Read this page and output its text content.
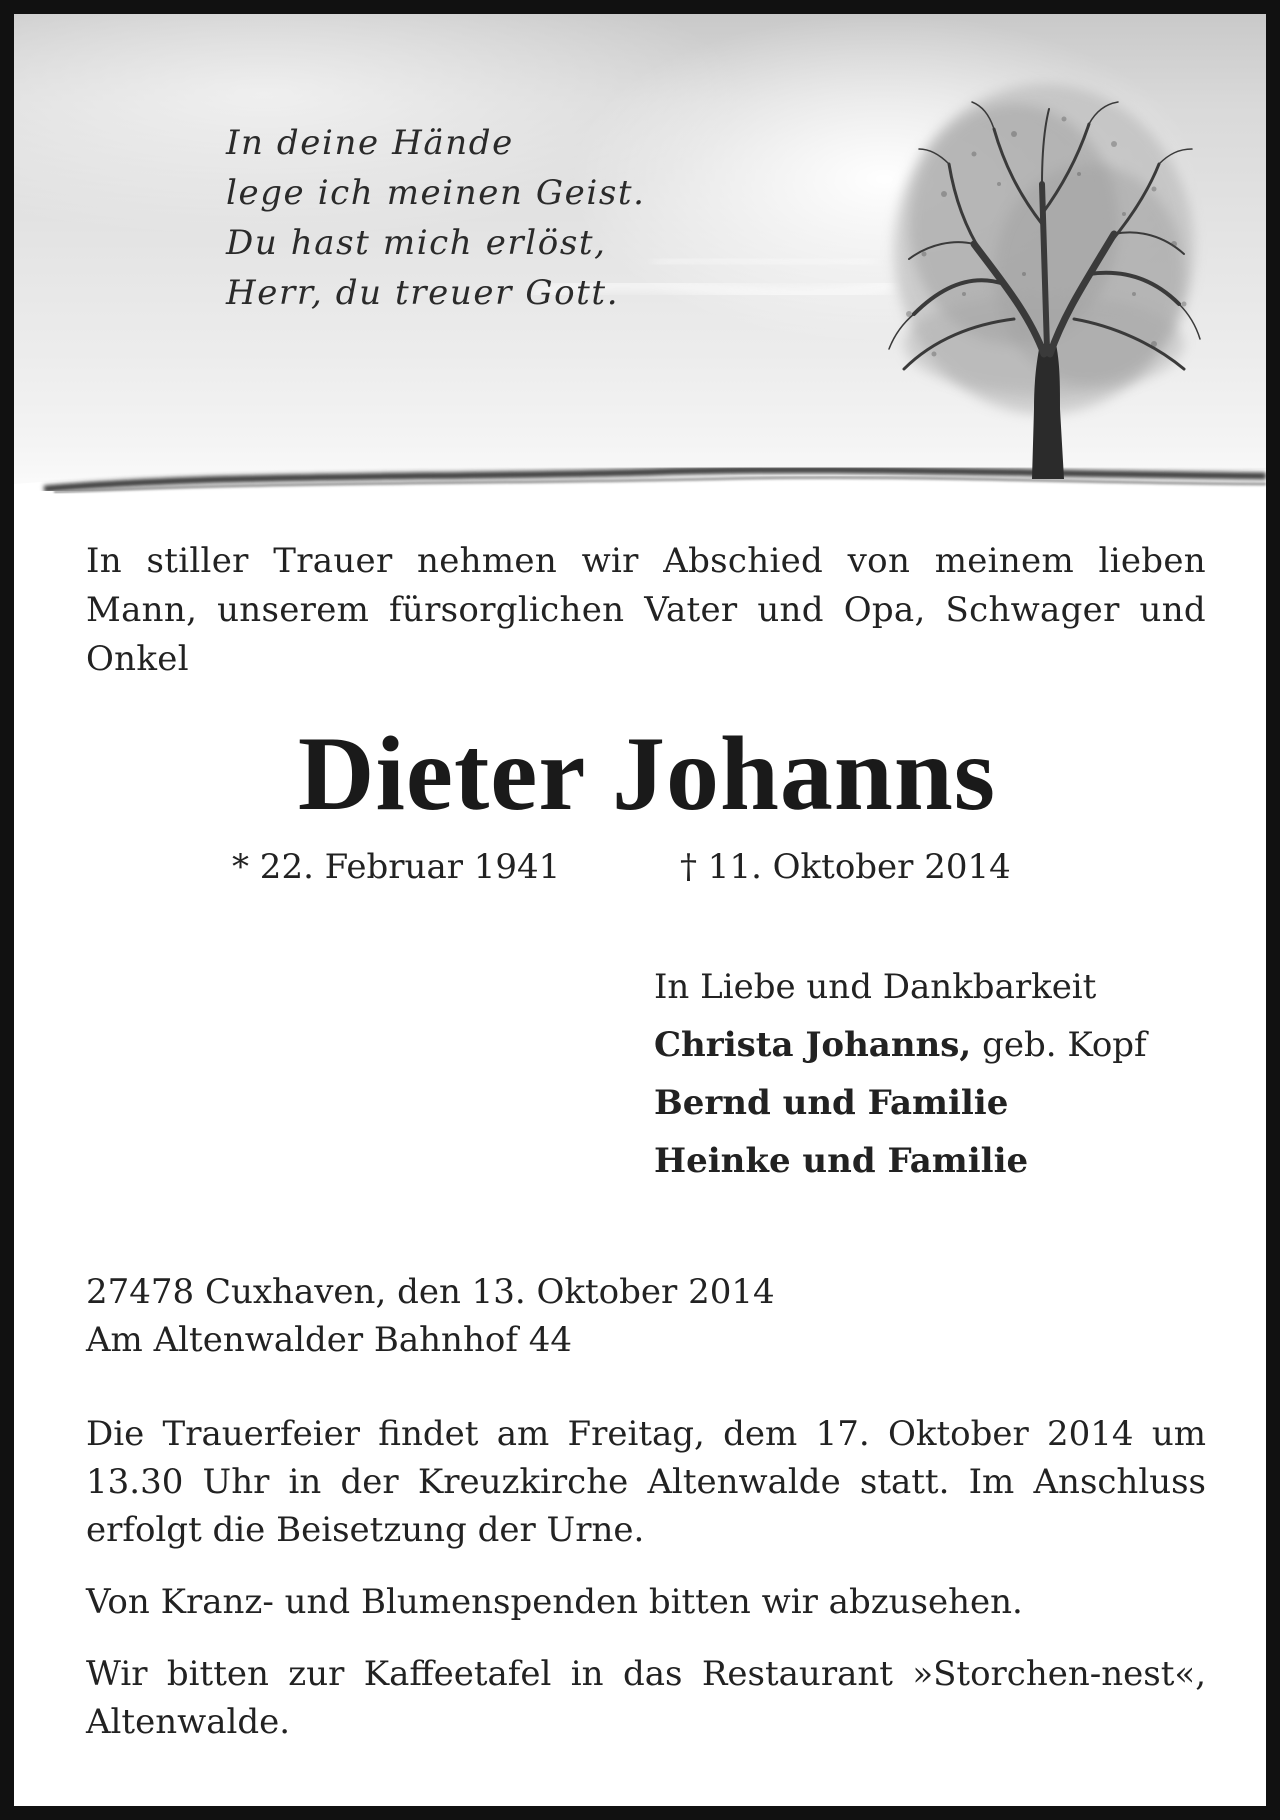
In deine Hände
lege ich meinen Geist.
Du hast mich erlöst,
Herr, du treuer Gott.
In stiller Trauer nehmen wir Abschied von meinem lieben Mann, unserem fürsorglichen Vater und Opa, Schwager und Onkel
Dieter Johanns
* 22. Februar 1941	† 11. Oktober 2014
In Liebe und Dankbarkeit
Christa Johanns, geb. Kopf
Bernd und Familie
Heinke und Familie
27478 Cuxhaven, den 13. Oktober 2014
Am Altenwalder Bahnhof 44
Die Trauerfeier findet am Freitag, dem 17. Oktober 2014 um 13.30 Uhr in der Kreuzkirche Altenwalde statt. Im Anschluss erfolgt die Beisetzung der Urne.
Von Kranz- und Blumenspenden bitten wir abzusehen.
Wir bitten zur Kaffeetafel in das Restaurant »Storchen-nest«, Altenwalde.
